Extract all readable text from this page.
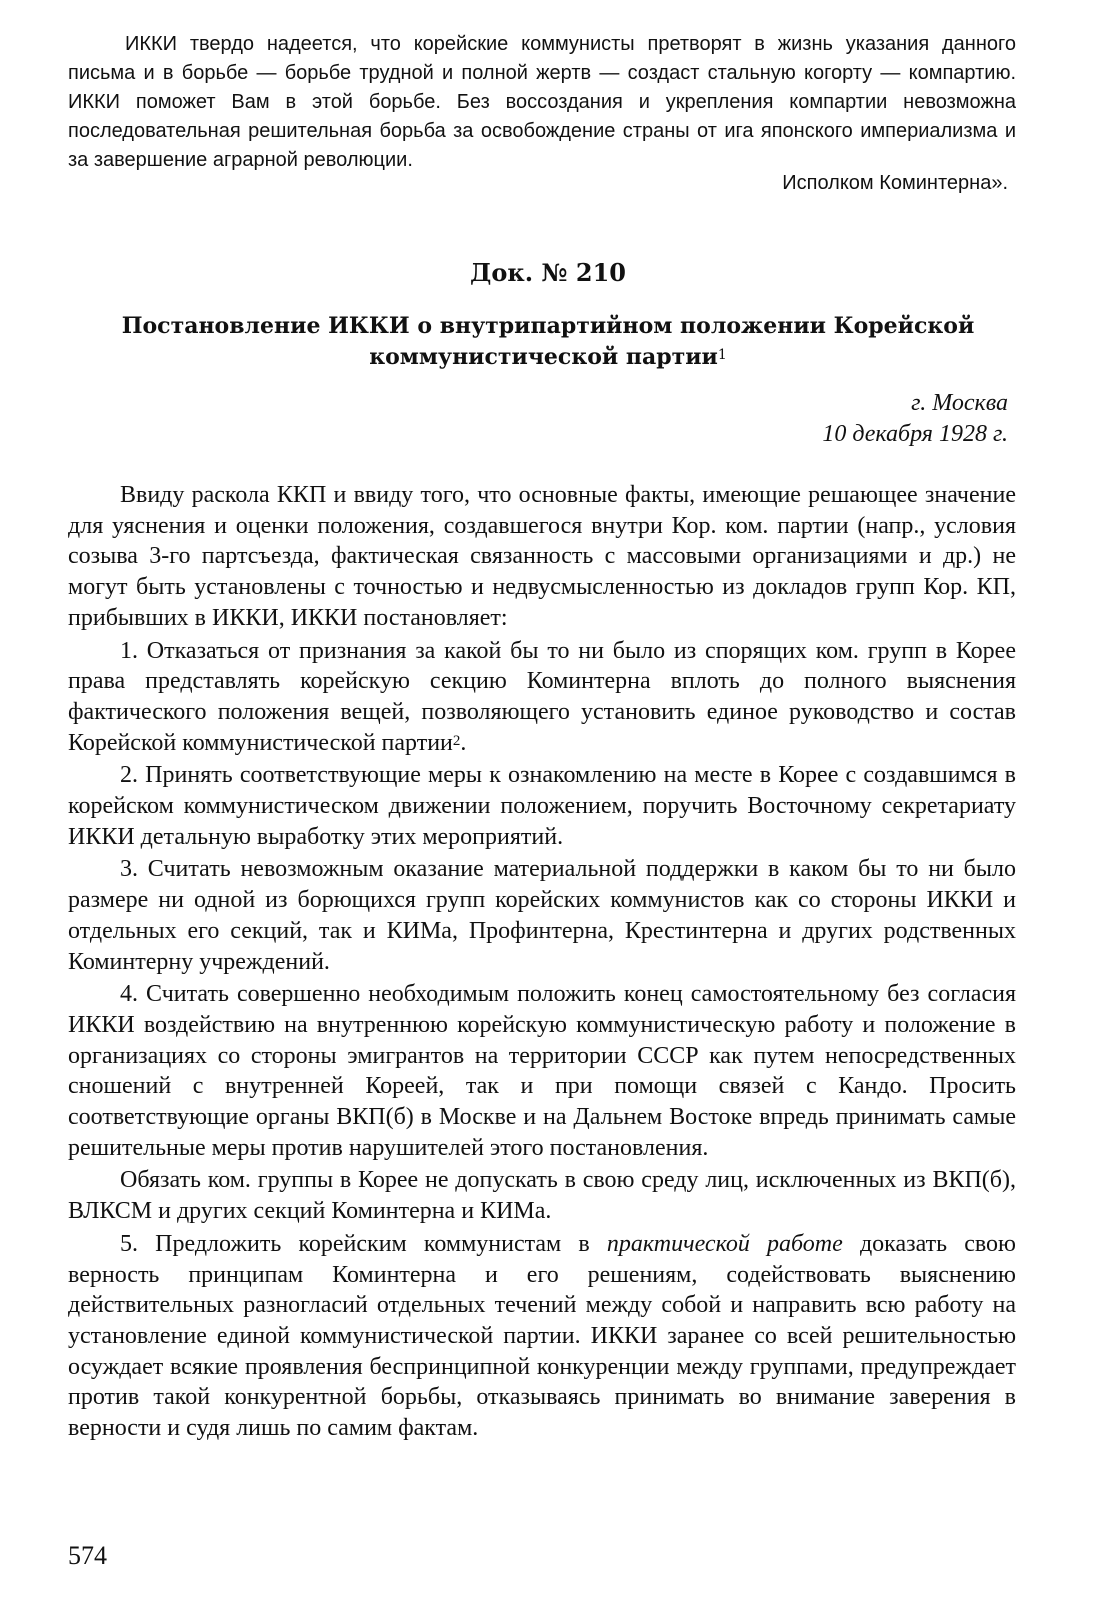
ИККИ твердо надеется, что корейские коммунисты претворят в жизнь указания данного письма и в борьбе — борьбе трудной и полной жертв — создаст стальную когорту — компартию. ИККИ поможет Вам в этой борьбе. Без воссоздания и укрепления компартии невозможна последовательная решительная борьба за освобождение страны от ига японского империализма и за завершение аграрной революции.
Исполком Коминтерна».
Док. № 210
Постановление ИККИ о внутрипартийном положении Корейской коммунистической партии$^1$
г. Москва
10 декабря 1928 г.

Ввиду раскола ККП и ввиду того, что основные факты, имеющие решающее значение для уяснения и оценки положения, создавшегося внутри Кор. ком. партии (напр., условия созыва 3-го партсъезда, фактическая связанность с массовыми организациями и др.) не могут быть установлены с точностью и недвусмысленностью из докладов групп Кор. КП, прибывших в ИККИ, ИККИ постановляет:

1. Отказаться от признания за какой бы то ни было из спорящих ком. групп в Корее права представлять корейскую секцию Коминтерна вплоть до полного выяснения фактического положения вещей, позволяющего установить единое руководство и состав Корейской коммунистической партии$^2$.

2. Принять соответствующие меры к ознакомлению на месте в Корее с создавшимся в корейском коммунистическом движении положением, поручить Восточному секретариату ИККИ детальную выработку этих мероприятий.

3. Считать невозможным оказание материальной поддержки в каком бы то ни было размере ни одной из борющихся групп корейских коммунистов как со стороны ИККИ и отдельных его секций, так и КИМа, Профинтерна, Крестинтерна и других родственных Коминтерну учреждений.

4. Считать совершенно необходимым положить конец самостоятельному без согласия ИККИ воздействию на внутреннюю корейскую коммунистическую работу и положение в организациях со стороны эмигрантов на территории СССР как путем непосредственных сношений с внутренней Кореей, так и при помощи связей с Кандо. Просить соответствующие органы ВКП(б) в Москве и на Дальнем Востоке впредь принимать самые решительные меры против нарушителей этого постановления.

Обязать ком. группы в Корее не допускать в свою среду лиц, исключенных из ВКП(б), ВЛКСМ и других секций Коминтерна и КИМа.

5. Предложить корейским коммунистам в практической работе доказать свою верность принципам Коминтерна и его решениям, содействовать выяснению действительных разногласий отдельных течений между собой и направить всю работу на установление единой коммунистической партии. ИККИ заранее со всей решительностью осуждает всякие проявления беспринципной конкуренции между группами, предупреждает против такой конкурентной борьбы, отказываясь принимать во внимание заверения в верности и судя лишь по самим фактам.

574
